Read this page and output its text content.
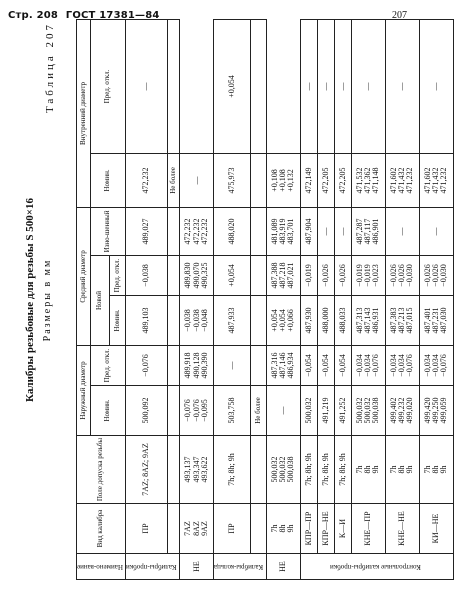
Стр. 208 ГОСТ 17381—84	207
Калибры резьбовые для резьбы S 500×16 Размеры в мм
Таблица 207
Наимено-вание	Вид калибра	Поле допуска резьбы	Наружный диаметр		Средний диаметр			Внутренний диаметр	
			Номин.	Пред. откл.	Новой		Изно-шенный	Номин.	Пред. откл.
					Номин.	Пред. откл.			
Калибры-пробки	ПР	7AZ; 8AZ; 9AZ	500,092	−0,076	489,103	−0,038	489,027	472,232	—

								Не более	

НЕ	7AZ 8AZ 9AZ	493,137 493,347 493,622	−0,076 −0,076 −0,095	489,918 490,128 490,390	−0,038 −0,038 −0,048	489,830 490,070 490,325	472,232 472,232 472,232	—	

Калибры-кольца	ПР	7h; 8h; 9h	503,758	—	487,933	+0,054	488,020	475,973	+0,054

			Не более						

НЕ	7h 8h 9h	500,032 500,032 500,038	—	487,316 487,146 486,934	+0,054 +0,054 +0,066	487,388 487,218 487,021	481,089 483,919 483,701	+0,108 +0,108 +0,132	

Контрольные калибры-пробки	КПР—ПР	7h; 8h; 9h	500,032	−0,054	487,930	−0,019	487,904	472,149	—

	КПР—НЕ	7h; 8h; 9h	491,219	−0,054	488,000	−0,026	—	472,205	—

	К—И	7h; 8h; 9h	491,252	−0,054	488,033	−0,026	—	472,205	—

	КНЕ—ПР	7h 8h 9h	500,032 500,032 500,038	−0,034 −0,034 −0,076	487,313 487,143 486,931	−0,019 −0,019 −0,023	487,287 487,117 486,901	471,532 471,362 471,148	—

	КНЕ—НЕ	7h 8h 9h	499,402 499,232 499,020	−0,034 −0,034 −0,076	487,383 487,213 487,015	−0,026 −0,026 −0,030	—	471,602 471,432 471,232	—

	КИ—НЕ	7h 8h 9h	499,420 499,250 499,059	−0,034 −0,034 −0,076	487,401 487,231 487,030	−0,026 −0,026 −0,030	—	471,602 471,432 471,232	—
